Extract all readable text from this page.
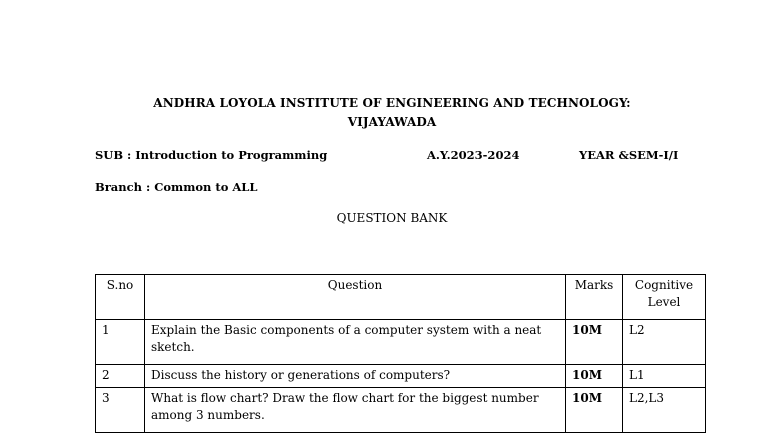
ANDHRA LOYOLA INSTITUTE OF ENGINEERING AND TECHNOLOGY:
VIJAYAWADA
SUB : Introduction to Programming	A.Y.2023-2024	YEAR &SEM-I/I
Branch : Common to ALL
QUESTION BANK
S.no	Question	Marks	Cognitive
Level
1	Explain the Basic components of a computer system with a neat sketch.	10M	L2
2	Discuss the history or generations of computers?	10M	L1
3	What is flow chart? Draw the flow chart for the biggest number among 3 numbers.	10M	L2,L3
